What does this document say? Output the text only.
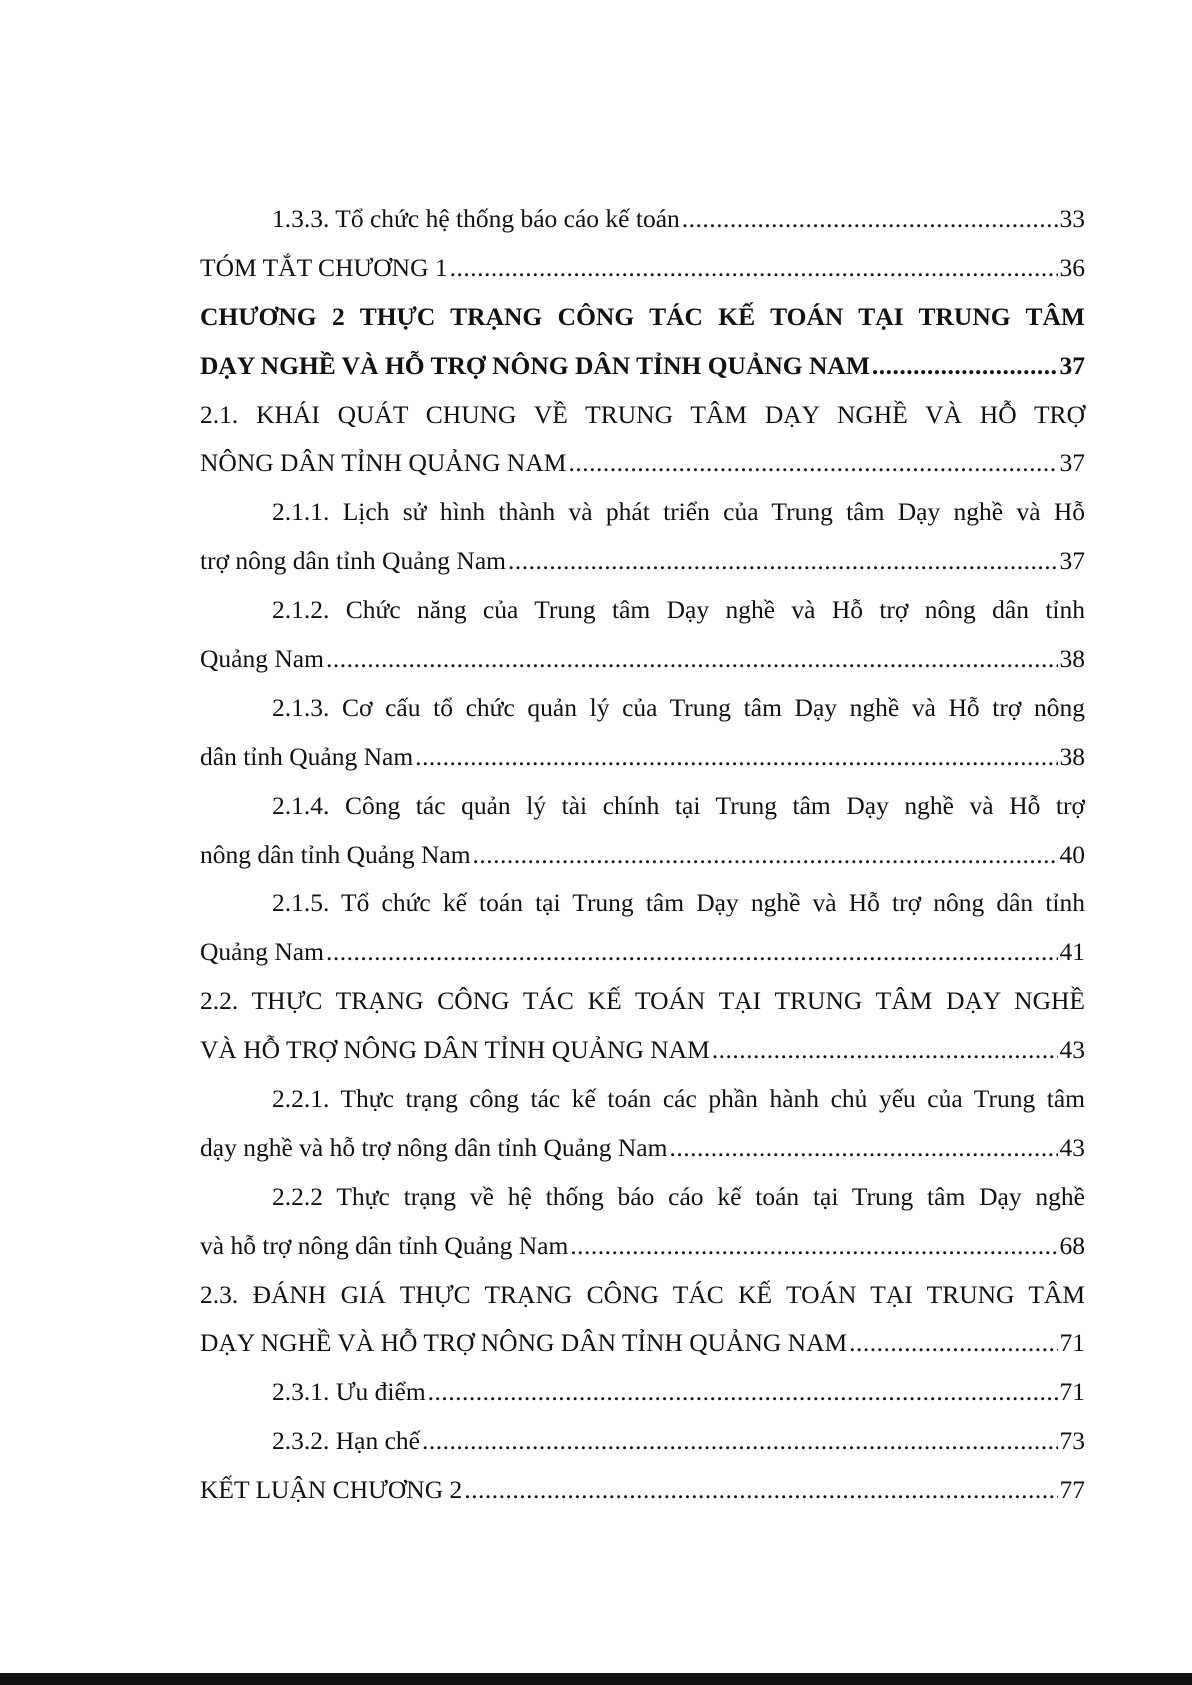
1.3.3. Tổ chức hệ thống báo cáo kế toán .....	33
TÓM TẮT CHƯƠNG 1 .....	36
CHƯƠNG 2 THỰC TRẠNG CÔNG TÁC KẾ TOÁN TẠI TRUNG TÂM
DẠY NGHỀ VÀ HỖ TRỢ NÔNG DÂN TỈNH QUẢNG NAM .....	37
2.1. KHÁI QUÁT CHUNG VỀ TRUNG TÂM DẠY NGHỀ VÀ HỖ TRỢ
NÔNG DÂN TỈNH QUẢNG NAM .....	37
2.1.1. Lịch sử hình thành và phát triển của Trung tâm Dạy nghề và Hỗ
trợ nông dân tỉnh Quảng Nam .....	37
2.1.2. Chức năng của Trung tâm Dạy nghề và Hỗ trợ nông dân tỉnh
Quảng Nam .....	38
2.1.3. Cơ cấu tổ chức quản lý của Trung tâm Dạy nghề và Hỗ trợ nông
dân tỉnh Quảng Nam .....	38
2.1.4. Công tác quản lý tài chính tại Trung tâm Dạy nghề và Hỗ trợ
nông dân tỉnh Quảng Nam .....	40
2.1.5. Tổ chức kế toán tại Trung tâm Dạy nghề và Hỗ trợ nông dân tỉnh
Quảng Nam .....	41
2.2. THỰC TRẠNG CÔNG TÁC KẾ TOÁN TẠI TRUNG TÂM DẠY NGHỀ
VÀ HỖ TRỢ NÔNG DÂN TỈNH QUẢNG NAM .....	43
2.2.1. Thực trạng công tác kế toán các phần hành chủ yếu của Trung tâm
dạy nghề và hỗ trợ nông dân tỉnh Quảng Nam .....	43
2.2.2 Thực trạng về hệ thống báo cáo kế toán tại Trung tâm Dạy nghề
và hỗ trợ nông dân tỉnh Quảng Nam .....	68
2.3. ĐÁNH GIÁ THỰC TRẠNG CÔNG TÁC KẾ TOÁN TẠI TRUNG TÂM
DẠY NGHỀ VÀ HỖ TRỢ NÔNG DÂN TỈNH QUẢNG NAM .....	71
2.3.1. Ưu điểm .....	71
2.3.2. Hạn chế .....	73
KẾT LUẬN CHƯƠNG 2 .....	77
